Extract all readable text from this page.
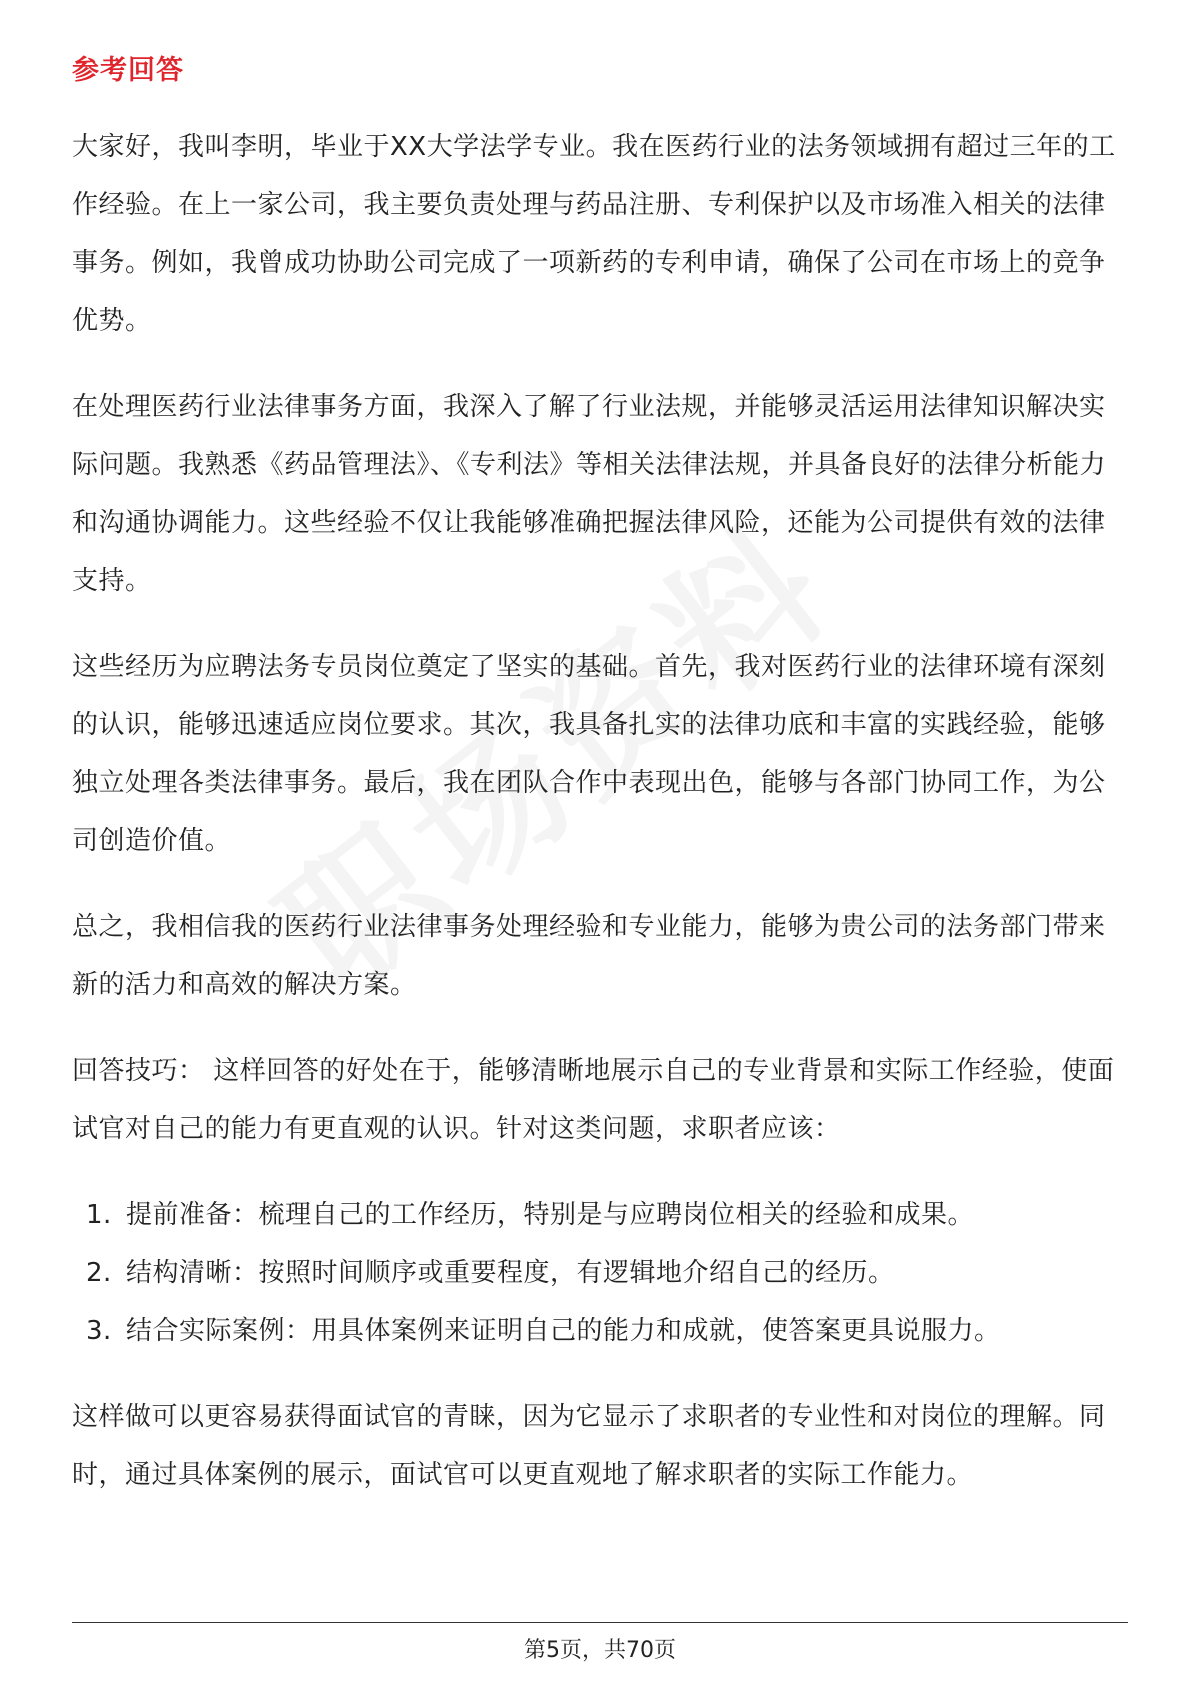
参考回答

大家好，我叫李明，毕业于XX大学法学专业。我在医药行业的法务领域拥有超过三年的工作经验。在上一家公司，我主要负责处理与药品注册、专利保护以及市场准入相关的法律事务。例如，我曾成功协助公司完成了一项新药的专利申请，确保了公司在市场上的竞争优势。

在处理医药行业法律事务方面，我深入了解了行业法规，并能够灵活运用法律知识解决实际问题。我熟悉《药品管理法》、《专利法》等相关法律法规，并具备良好的法律分析能力和沟通协调能力。这些经验不仅让我能够准确把握法律风险，还能为公司提供有效的法律支持。

这些经历为应聘法务专员岗位奠定了坚实的基础。首先，我对医药行业的法律环境有深刻的认识，能够迅速适应岗位要求。其次，我具备扎实的法律功底和丰富的实践经验，能够独立处理各类法律事务。最后，我在团队合作中表现出色，能够与各部门协同工作，为公司创造价值。

总之，我相信我的医药行业法律事务处理经验和专业能力，能够为贵公司的法务部门带来新的活力和高效的解决方案。

回答技巧： 这样回答的好处在于，能够清晰地展示自己的专业背景和实际工作经验，使面试官对自己的能力有更直观的认识。针对这类问题，求职者应该：

1. 提前准备：梳理自己的工作经历，特别是与应聘岗位相关的经验和成果。
2. 结构清晰：按照时间顺序或重要程度，有逻辑地介绍自己的经历。
3. 结合实际案例：用具体案例来证明自己的能力和成就，使答案更具说服力。

这样做可以更容易获得面试官的青睐，因为它显示了求职者的专业性和对岗位的理解。同时，通过具体案例的展示，面试官可以更直观地了解求职者的实际工作能力。

第5页，共70页
